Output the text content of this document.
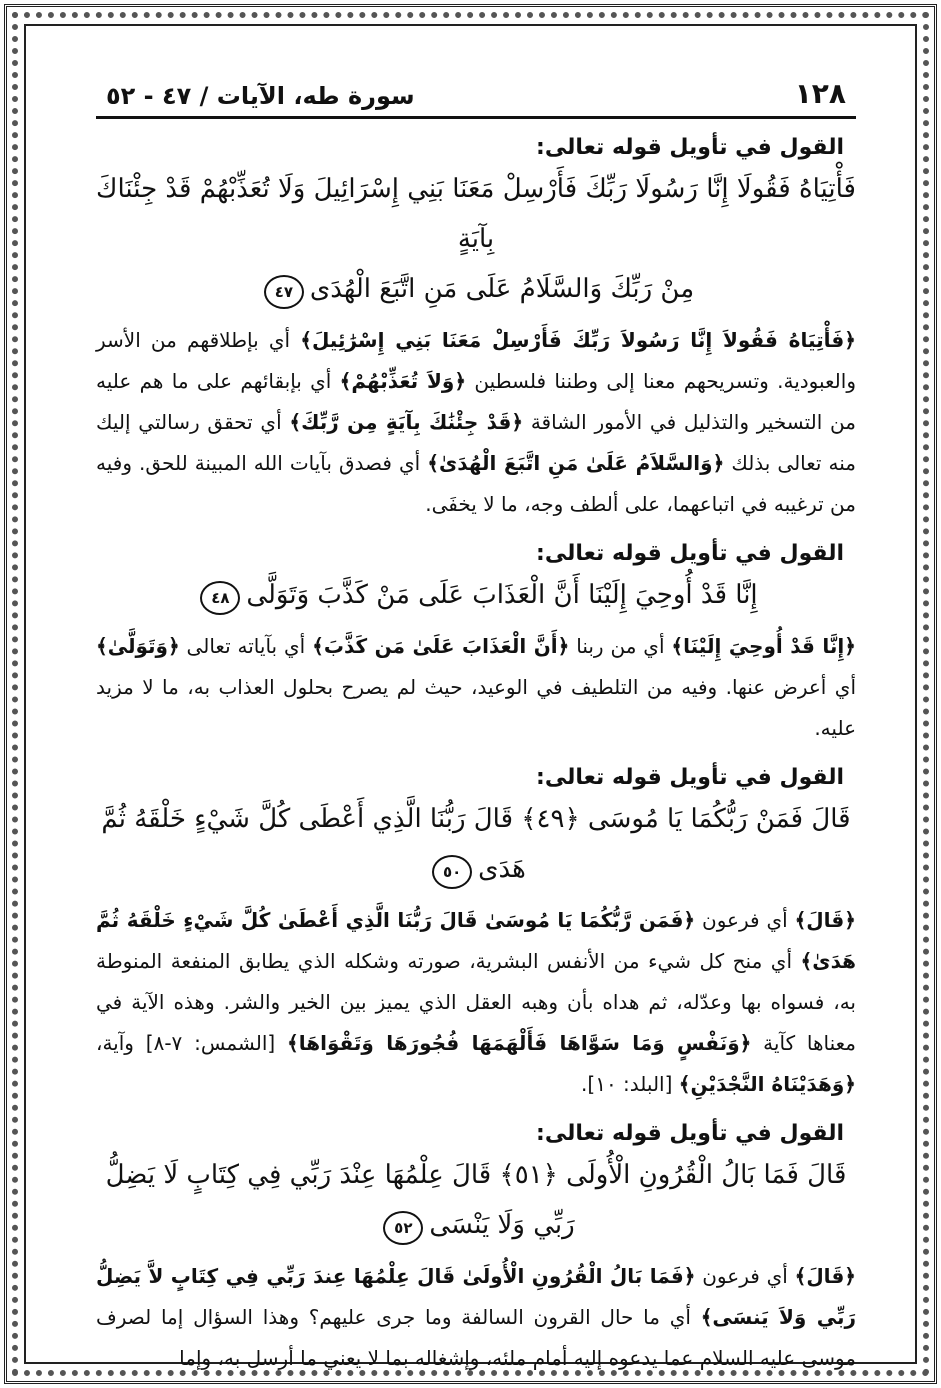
١٢٨
سورة طه، الآيات / ٤٧ - ٥٢
القول في تأويل قوله تعالى:

فَأْتِيَاهُ فَقُولَا إِنَّا رَسُولَا رَبِّكَ فَأَرْسِلْ مَعَنَا بَنِي إِسْرَائِيلَ وَلَا تُعَذِّبْهُمْ قَدْ جِئْنَاكَ بِآيَةٍ

مِنْ رَبِّكَ وَالسَّلَامُ عَلَى مَنِ اتَّبَعَ الْهُدَى٤٧

﴿فَأْتِيَاهُ فَقُولاَ إِنَّا رَسُولاَ رَبِّكَ فَأَرْسِلْ مَعَنَا بَنِي إِسْرَٰئِيلَ﴾ أي بإطلاقهم من الأسر والعبودية. وتسريحهم معنا إلى وطننا فلسطين ﴿وَلاَ تُعَذِّبْهُمْ﴾ أي بإبقائهم على ما هم عليه من التسخير والتذليل في الأمور الشاقة ﴿قَدْ جِئْنَٰكَ بِآيَةٍ مِن رَّبِّكَ﴾ أي تحقق رسالتي إليك منه تعالى بذلك ﴿وَالسَّلاَمُ عَلَىٰ مَنِ اتَّبَعَ الْهُدَىٰ﴾ أي فصدق بآيات الله المبينة للحق. وفيه من ترغيبه في اتباعهما، على ألطف وجه، ما لا يخفَى.

القول في تأويل قوله تعالى:

إِنَّا قَدْ أُوحِيَ إِلَيْنَا أَنَّ الْعَذَابَ عَلَى مَنْ كَذَّبَ وَتَوَلَّى٤٨

﴿إِنَّا قَدْ أُوحِيَ إِلَيْنَا﴾ أي من ربنا ﴿أَنَّ الْعَذَابَ عَلَىٰ مَن كَذَّبَ﴾ أي بآياته تعالى ﴿وَتَوَلَّىٰ﴾ أي أعرض عنها. وفيه من التلطيف في الوعيد، حيث لم يصرح بحلول العذاب به، ما لا مزيد عليه.

القول في تأويل قوله تعالى:

قَالَ فَمَنْ رَبُّكُمَا يَا مُوسَى ﴿٤٩﴾ قَالَ رَبُّنَا الَّذِي أَعْطَى كُلَّ شَيْءٍ خَلْقَهُ ثُمَّ هَدَى٥٠

﴿قَالَ﴾ أي فرعون ﴿فَمَن رَّبُّكُمَا يَا مُوسَىٰ قَالَ رَبُّنَا الَّذِي أَعْطَىٰ كُلَّ شَيْءٍ خَلْقَهُ ثُمَّ هَدَىٰ﴾ أي منح كل شيء من الأنفس البشرية، صورته وشكله الذي يطابق المنفعة المنوطة به، فسواه بها وعدّله، ثم هداه بأن وهبه العقل الذي يميز بين الخير والشر. وهذه الآية في معناها كآية ﴿وَنَفْسٍ وَمَا سَوَّاهَا فَأَلْهَمَهَا فُجُورَهَا وَتَقْوَاهَا﴾ [الشمس: ٧-٨] وآية، ﴿وَهَدَيْنَاهُ النَّجْدَيْنِ﴾ [البلد: ١٠].

القول في تأويل قوله تعالى:

قَالَ فَمَا بَالُ الْقُرُونِ الْأُولَى ﴿٥١﴾ قَالَ عِلْمُهَا عِنْدَ رَبِّي فِي كِتَابٍ لَا يَضِلُّ رَبِّي وَلَا يَنْسَى٥٢

﴿قَالَ﴾ أي فرعون ﴿فَمَا بَالُ الْقُرُونِ الْأُولَىٰ قَالَ عِلْمُهَا عِندَ رَبِّي فِي كِتَابٍ لاَّ يَضِلُّ رَبِّي وَلاَ يَنسَى﴾ أي ما حال القرون السالفة وما جرى عليهم؟ وهذا السؤال إما لصرف موسى عليه السلام عما يدعوه إليه أمام ملئه، وإشغاله بما لا يعني ما أرسل به، وإما
